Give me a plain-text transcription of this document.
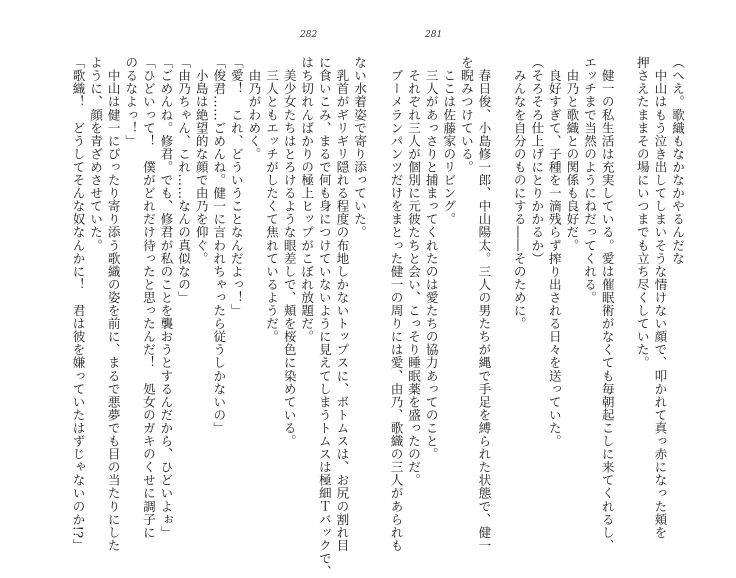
282	281
（へえ。歌織もなかなかやるんだな
　中山はもう泣き出してしまいそうな情けない顔で、叩かれて真っ赤になった頬を
押さえたままその場にいつまでも立ち尽くしていた。

　健一の私生活は充実している。愛は催眠術がなくても毎朝起こしに来てくれるし、
エッチまで当然のようにねだってくれる。
　由乃と歌織との関係も良好だ。
　良好すぎて、子種を一滴残らず搾り出される日々を送っていた。
（そろそろ仕上げにとりかかるか）
　みんなを自分のものにする――そのために。

　春日俊、小島修一郎、中山陽太。三人の男たちが縄で手足を縛られた状態で、健一
を睨みつけている。
　ここは佐藤家のリビング。
　三人があっさりと捕まってくれたのは愛たちの協力あってのこと。
　それぞれ三人が個別に元彼たちと会い、こっそり睡眠薬を盛ったのだ。
　ブーメランパンツだけをまとった健一の周りには愛、由乃、歌織の三人があられも
ない水着姿で寄り添っていた。
　乳首がギリギリ隠れる程度の布地しかないトップスに、ボトムスは、お尻の割れ目
に食いこみ、まるで何も身につけていないように見えてしまうトムスは極細Ｔバックで、
はち切れんばかりの極上ヒップがこぼれ放題だ。
　美少女たちはとろけるような眼差しで、頬を桜色に染めている。
　三人ともエッチがしたくて焦れているようだ。
　由乃がわめく。
「愛！　これ、どういうことなんだよっ！」
「俊君……ごめんね。健一に言われちゃったら従うしかないの」
　小島は絶望的な顔で由乃を仰ぐ。
「由乃ちゃん、これ……なんの真似なの」
「ごめんね。修君。でも、修君が私のことを襲おうとするんだから、ひどいよぉ」
「ひどいって！　僕がどれだけ待ったと思ったんだ！　処女のガキのくせに調子に
のるなよっ！」
　中山は健一にぴったり寄り添う歌織の姿を前に、まるで悪夢でも目の当たりにした
ように、顔を青ざめさせていた。
「歌織！　どうしてそんな奴なんかに！　君は彼を嫌っていたはずじゃないのか!?」
